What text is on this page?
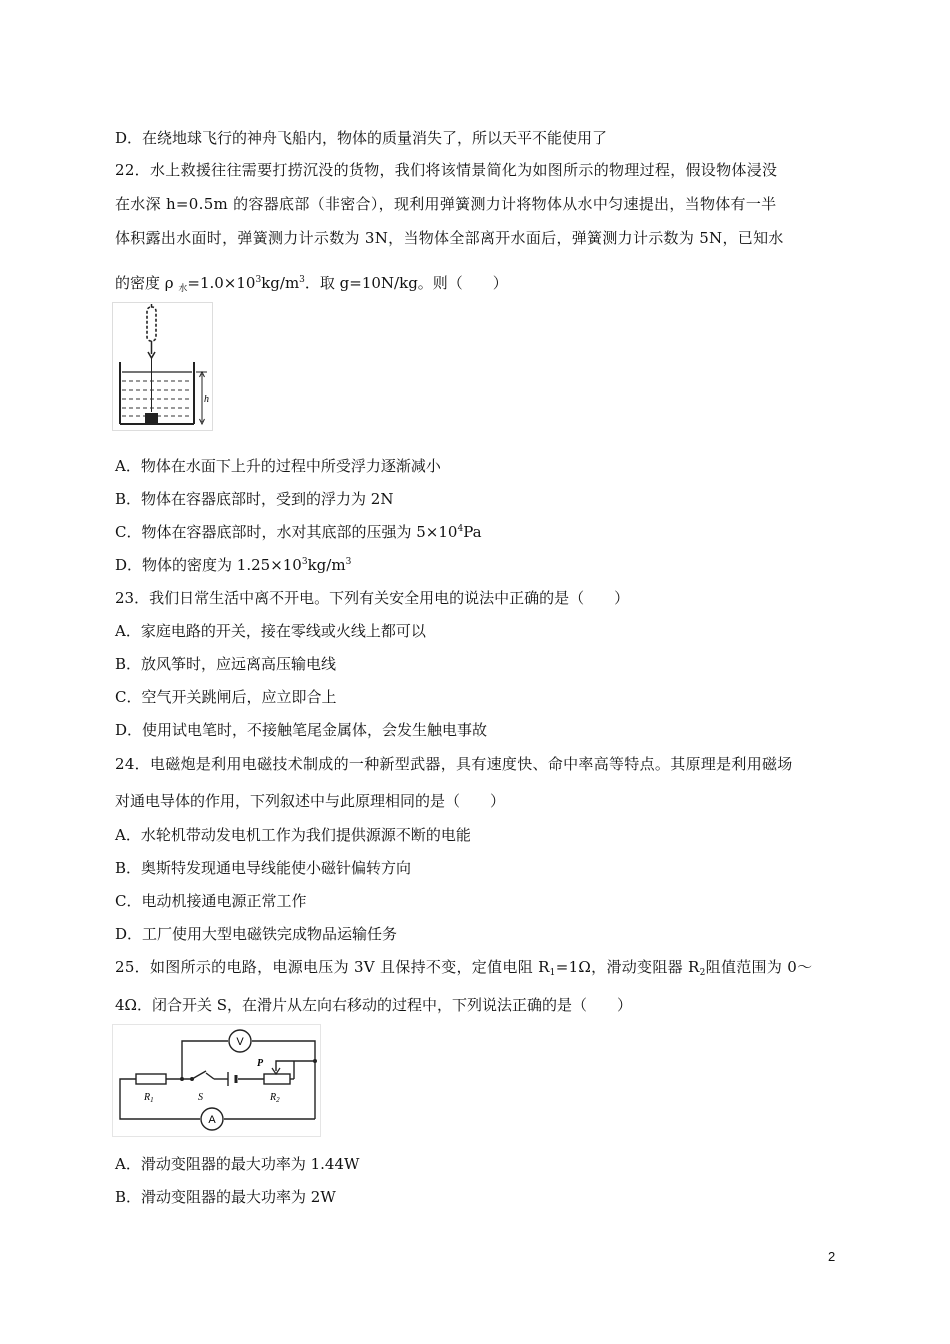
D．在绕地球飞行的神舟飞船内，物体的质量消失了，所以天平不能使用了
22．水上救援往往需要打捞沉没的货物，我们将该情景简化为如图所示的物理过程，假设物体浸没
在水深 h=0.5m 的容器底部（非密合），现利用弹簧测力计将物体从水中匀速提出，当物体有一半
体积露出水面时，弹簧测力计示数为 3N，当物体全部离开水面后，弹簧测力计示数为 5N，已知水
的密度 ρ $_水=1.0\times 10^3kg/m^3$．取 g=10N/kg。则（　　）
h
A．物体在水面下上升的过程中所受浮力逐渐减小
B．物体在容器底部时，受到的浮力为 2N
C．物体在容器底部时，水对其底部的压强为 $5\times 10^4Pa$
D．物体的密度为 $1.25\times 10^3kg/m^3$
23．我们日常生活中离不开电。下列有关安全用电的说法中正确的是（　　）
A．家庭电路的开关，接在零线或火线上都可以
B．放风筝时，应远离高压输电线
C．空气开关跳闸后，应立即合上
D．使用试电笔时，不接触笔尾金属体，会发生触电事故
24．电磁炮是利用电磁技术制成的一种新型武器，具有速度快、命中率高等特点。其原理是利用磁场
对通电导体的作用，下列叙述中与此原理相同的是（　　）
A．水轮机带动发电机工作为我们提供源源不断的电能
B．奥斯特发现通电导线能使小磁针偏转方向
C．电动机接通电源正常工作
D．工厂使用大型电磁铁完成物品运输任务
25．如图所示的电路，电源电压为 3V 且保持不变，定值电阻 $R_1=1\Omega$，滑动变阻器 $R_2$阻值范围为 0～
4Ω．闭合开关 S，在滑片从左向右移动的过程中，下列说法正确的是（　　）
V
A
P
$R_1$	S	$R_2$
A．滑动变阻器的最大功率为 1.44W
B．滑动变阻器的最大功率为 2W
2
